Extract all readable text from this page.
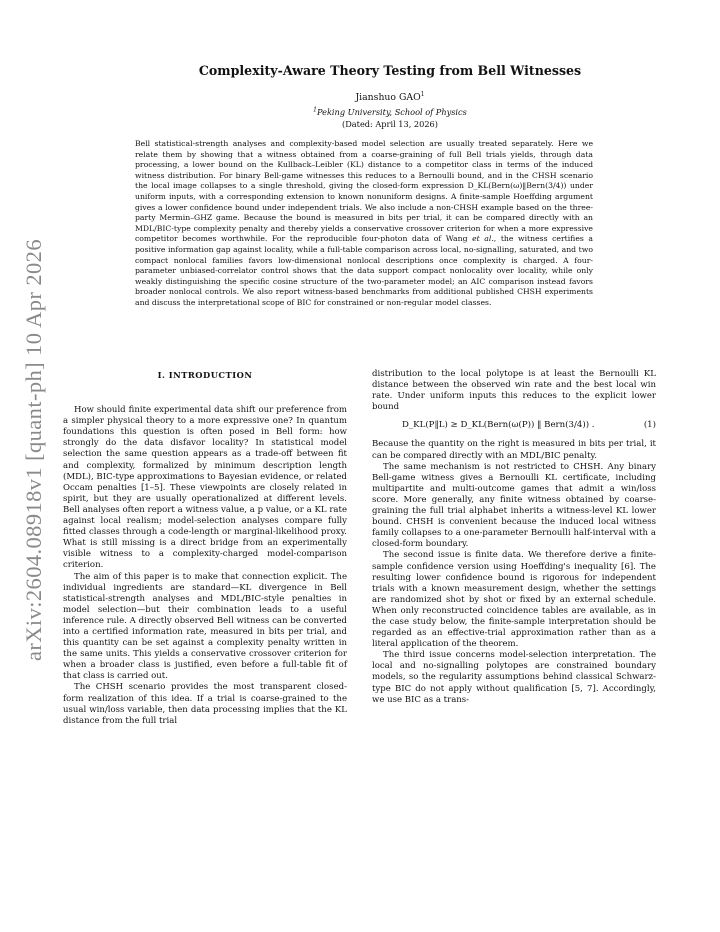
arXiv:2604.08918v1 [quant-ph] 10 Apr 2026
Complexity-Aware Theory Testing from Bell Witnesses
Jianshuo GAO$^1$
$^1$Peking University, School of Physics
(Dated: April 13, 2026)

Bell statistical-strength analyses and complexity-based model selection are usually treated separately. Here we relate them by showing that a witness obtained from a coarse-graining of full Bell trials yields, through data processing, a lower bound on the Kullback–Leibler (KL) distance to a competitor class in terms of the induced witness distribution. For binary Bell-game witnesses this reduces to a Bernoulli bound, and in the CHSH scenario the local image collapses to a single threshold, giving the closed-form expression D_KL(Bern(ω)‖Bern(3/4)) under uniform inputs, with a corresponding extension to known nonuniform designs. A finite-sample Hoeffding argument gives a lower confidence bound under independent trials. We also include a non-CHSH example based on the three-party Mermin–GHZ game. Because the bound is measured in bits per trial, it can be compared directly with an MDL/BIC-type complexity penalty and thereby yields a conservative crossover criterion for when a more expressive competitor becomes worthwhile. For the reproducible four-photon data of Wang et al., the witness certifies a positive information gap against locality, while a full-table comparison across local, no-signalling, saturated, and two compact nonlocal families favors low-dimensional nonlocal descriptions once complexity is charged. A four-parameter unbiased-correlator control shows that the data support compact nonlocality over locality, while only weakly distinguishing the specific cosine structure of the two-parameter model; an AIC comparison instead favors broader nonlocal controls. We also report witness-based benchmarks from additional published CHSH experiments and discuss the interpretational scope of BIC for constrained or non-regular model classes.

I. INTRODUCTION

How should finite experimental data shift our preference from a simpler physical theory to a more expressive one? In quantum foundations this question is often posed in Bell form: how strongly do the data disfavor locality? In statistical model selection the same question appears as a trade-off between fit and complexity, formalized by minimum description length (MDL), BIC-type approximations to Bayesian evidence, or related Occam penalties [1–5]. These viewpoints are closely related in spirit, but they are usually operationalized at different levels. Bell analyses often report a witness value, a p value, or a KL rate against local realism; model-selection analyses compare fully fitted classes through a code-length or marginal-likelihood proxy. What is still missing is a direct bridge from an experimentally visible witness to a complexity-charged model-comparison criterion.

The aim of this paper is to make that connection explicit. The individual ingredients are standard—KL divergence in Bell statistical-strength analyses and MDL/BIC-style penalties in model selection—but their combination leads to a useful inference rule. A directly observed Bell witness can be converted into a certified information rate, measured in bits per trial, and this quantity can be set against a complexity penalty written in the same units. This yields a conservative crossover criterion for when a broader class is justified, even before a full-table fit of that class is carried out.

The CHSH scenario provides the most transparent closed-form realization of this idea. If a trial is coarse-grained to the usual win/loss variable, then data processing implies that the KL distance from the full trial

distribution to the local polytope is at least the Bernoulli KL distance between the observed win rate and the best local win rate. Under uniform inputs this reduces to the explicit lower bound

D_KL(P‖L) ≥ D_KL(Bern(ω(P)) ‖ Bern(3/4)) .	(1)

Because the quantity on the right is measured in bits per trial, it can be compared directly with an MDL/BIC penalty.

The same mechanism is not restricted to CHSH. Any binary Bell-game witness gives a Bernoulli KL certificate, including multipartite and multi-outcome games that admit a win/loss score. More generally, any finite witness obtained by coarse-graining the full trial alphabet inherits a witness-level KL lower bound. CHSH is convenient because the induced local witness family collapses to a one-parameter Bernoulli half-interval with a closed-form boundary.

The second issue is finite data. We therefore derive a finite-sample confidence version using Hoeffding's inequality [6]. The resulting lower confidence bound is rigorous for independent trials with a known measurement design, whether the settings are randomized shot by shot or fixed by an external schedule. When only reconstructed coincidence tables are available, as in the case study below, the finite-sample interpretation should be regarded as an effective-trial approximation rather than as a literal application of the theorem.

The third issue concerns model-selection interpretation. The local and no-signalling polytopes are constrained boundary models, so the regularity assumptions behind classical Schwarz-type BIC do not apply without qualification [5, 7]. Accordingly, we use BIC as a trans-
